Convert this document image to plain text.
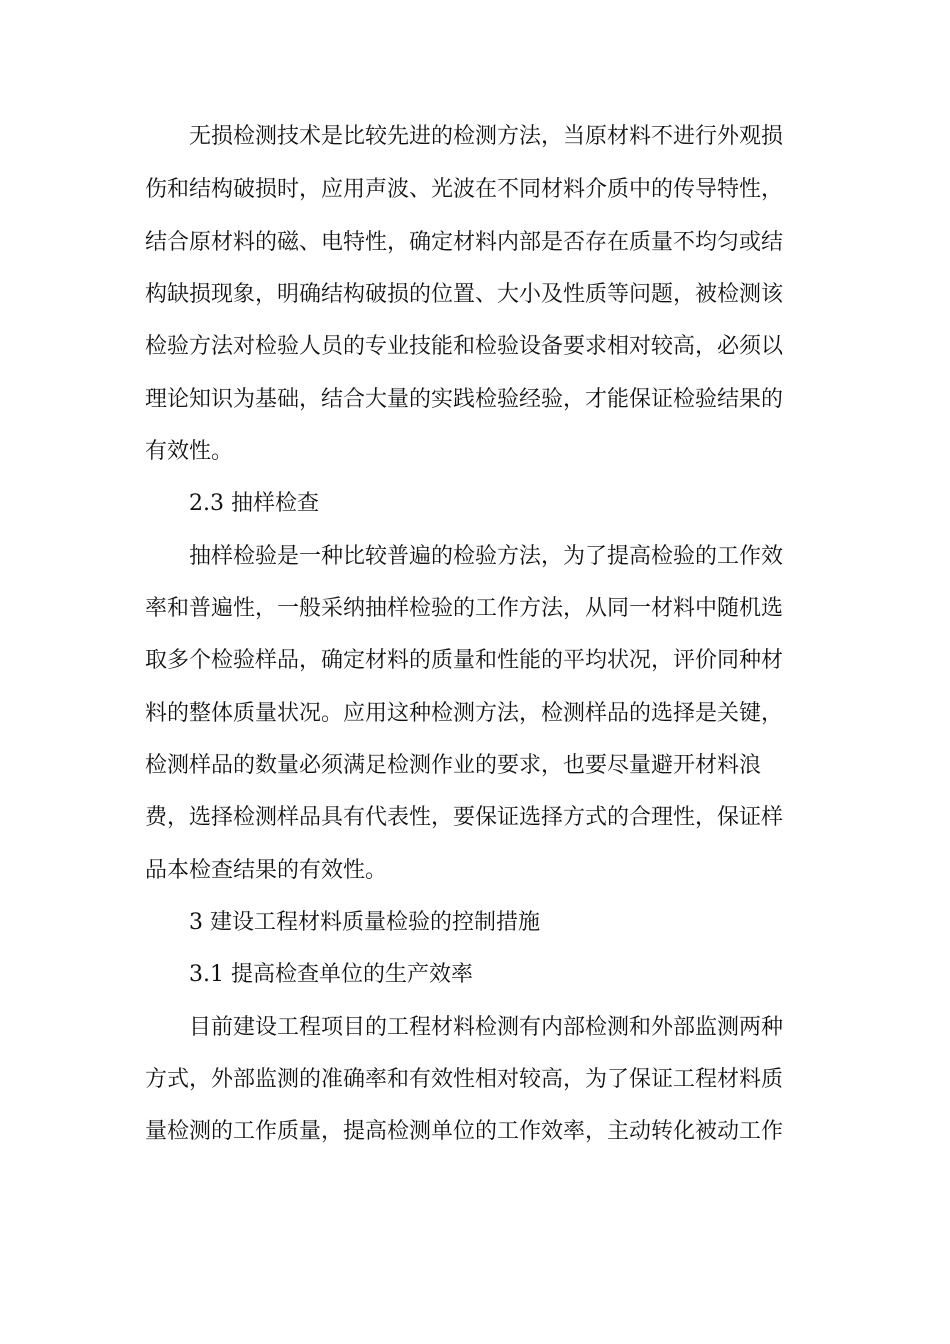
无损检测技术是比较先进的检测方法，当原材料不进行外观损
伤和结构破损时，应用声波、光波在不同材料介质中的传导特性，
结合原材料的磁、电特性，确定材料内部是否存在质量不均匀或结
构缺损现象，明确结构破损的位置、大小及性质等问题，被检测该
检验方法对检验人员的专业技能和检验设备要求相对较高，必须以
理论知识为基础，结合大量的实践检验经验，才能保证检验结果的
有效性。
2.3 抽样检查
抽样检验是一种比较普遍的检验方法，为了提高检验的工作效
率和普遍性，一般采纳抽样检验的工作方法，从同一材料中随机选
取多个检验样品，确定材料的质量和性能的平均状况，评价同种材
料的整体质量状况。应用这种检测方法，检测样品的选择是关键，
检测样品的数量必须满足检测作业的要求，也要尽量避开材料浪
费，选择检测样品具有代表性，要保证选择方式的合理性，保证样
品本检查结果的有效性。
3 建设工程材料质量检验的控制措施
3.1 提高检查单位的生产效率
目前建设工程项目的工程材料检测有内部检测和外部监测两种
方式，外部监测的准确率和有效性相对较高，为了保证工程材料质
量检测的工作质量，提高检测单位的工作效率，主动转化被动工作
